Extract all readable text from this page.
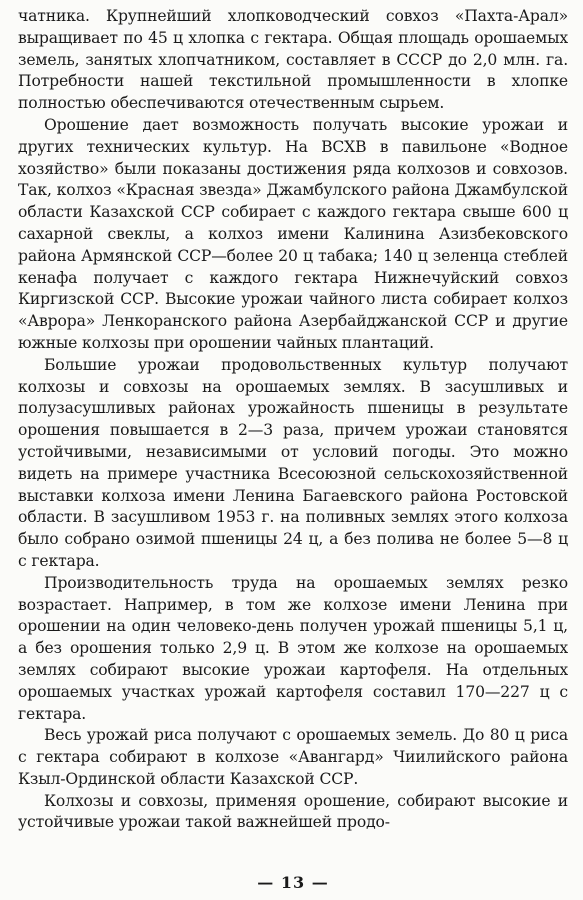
чатника. Крупнейший хлопководческий совхоз «Пахта-Арал» выращивает по 45 ц хлопка с гектара. Общая площадь орошаемых земель, занятых хлопчатником, составляет в СССР до 2,0 млн. га. Потребности нашей текстильной промышленности в хлопке полностью обеспечиваются отечественным сырьем.

Орошение дает возможность получать высокие урожаи и других технических культур. На ВСХВ в павильоне «Водное хозяйство» были показаны достижения ряда колхозов и совхозов. Так, колхоз «Красная звезда» Джамбулского района Джамбулской области Казахской ССР собирает с каждого гектара свыше 600 ц сахарной свеклы, а колхоз имени Калинина Азизбековского района Армянской ССР—более 20 ц табака; 140 ц зеленца стеблей кенафа получает с каждого гектара Нижнечуйский совхоз Киргизской ССР. Высокие урожаи чайного листа собирает колхоз «Аврора» Ленкоранского района Азербайджанской ССР и другие южные колхозы при орошении чайных плантаций.

Большие урожаи продовольственных культур получают колхозы и совхозы на орошаемых землях. В засушливых и полузасушливых районах урожайность пшеницы в результате орошения повышается в 2—3 раза, причем урожаи становятся устойчивыми, независимыми от условий погоды. Это можно видеть на примере участника Всесоюзной сельскохозяйственной выставки колхоза имени Ленина Багаевского района Ростовской области. В засушливом 1953 г. на поливных землях этого колхоза было собрано озимой пшеницы 24 ц, а без полива не более 5—8 ц с гектара.

Производительность труда на орошаемых землях резко возрастает. Например, в том же колхозе имени Ленина при орошении на один человеко-день получен урожай пшеницы 5,1 ц, а без орошения только 2,9 ц. В этом же колхозе на орошаемых землях собирают высокие урожаи картофеля. На отдельных орошаемых участках урожай картофеля составил 170—227 ц с гектара.

Весь урожай риса получают с орошаемых земель. До 80 ц риса с гектара собирают в колхозе «Авангард» Чиилийского района Кзыл-Ординской области Казахской ССР.

Колхозы и совхозы, применяя орошение, собирают высокие и устойчивые урожаи такой важнейшей продо-

— 13 —
